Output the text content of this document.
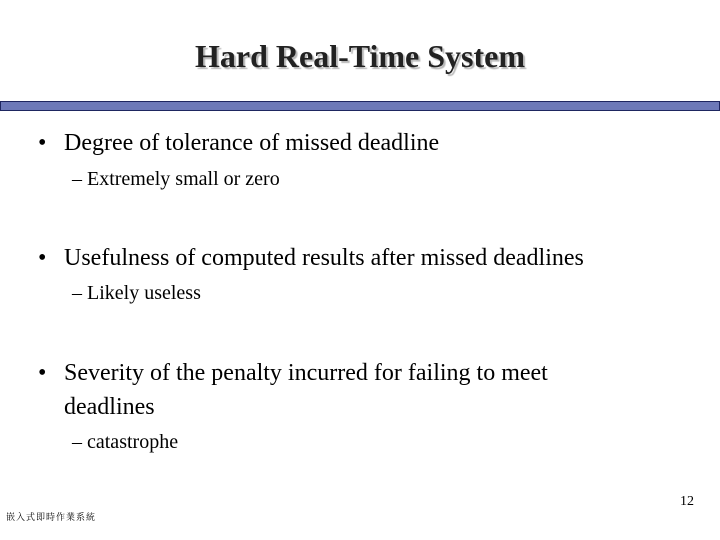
Hard Real-Time System
• Degree of tolerance of missed deadline
– Extremely small or zero
• Usefulness of computed results after missed deadlines
– Likely useless
• Severity of the penalty incurred for failing to meet
deadlines
– catastrophe
嵌入式即時作業系統
12
